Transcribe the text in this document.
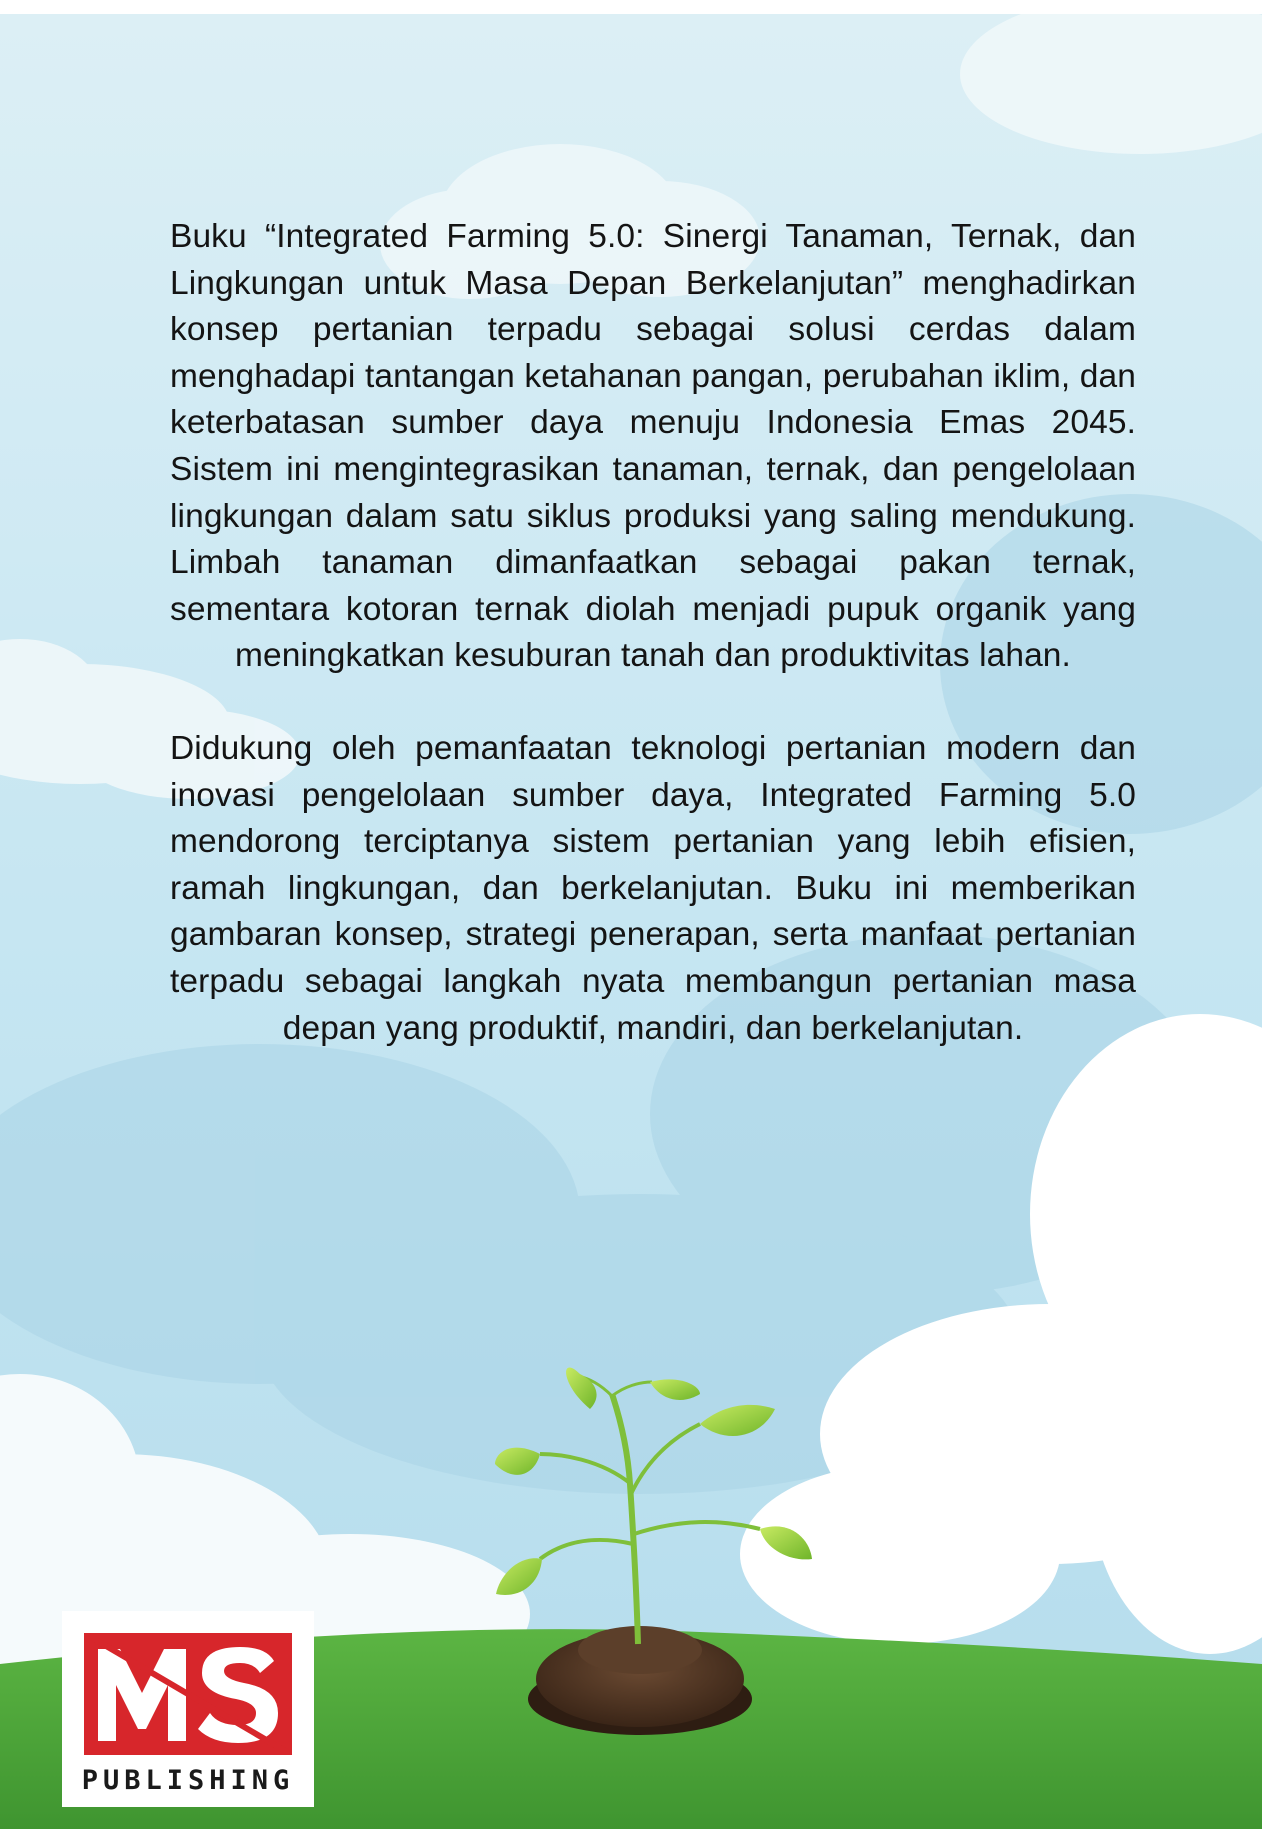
Buku “Integrated Farming 5.0: Sinergi Tanaman, Ternak, dan Lingkungan untuk Masa Depan Berkelanjutan” menghadirkan konsep pertanian terpadu sebagai solusi cerdas dalam menghadapi tantangan ketahanan pangan, perubahan iklim, dan keterbatasan sumber daya menuju Indonesia Emas 2045. Sistem ini mengintegrasikan tanaman, ternak, dan pengelolaan lingkungan dalam satu siklus produksi yang saling mendukung. Limbah tanaman dimanfaatkan sebagai pakan ternak, sementara kotoran ternak diolah menjadi pupuk organik yang meningkatkan kesuburan tanah dan produktivitas lahan.

Didukung oleh pemanfaatan teknologi pertanian modern dan inovasi pengelolaan sumber daya, Integrated Farming 5.0 mendorong terciptanya sistem pertanian yang lebih efisien, ramah lingkungan, dan berkelanjutan. Buku ini memberikan gambaran konsep, strategi penerapan, serta manfaat pertanian terpadu sebagai langkah nyata membangun pertanian masa depan yang produktif, mandiri, dan berkelanjutan.

PUBLISHING
